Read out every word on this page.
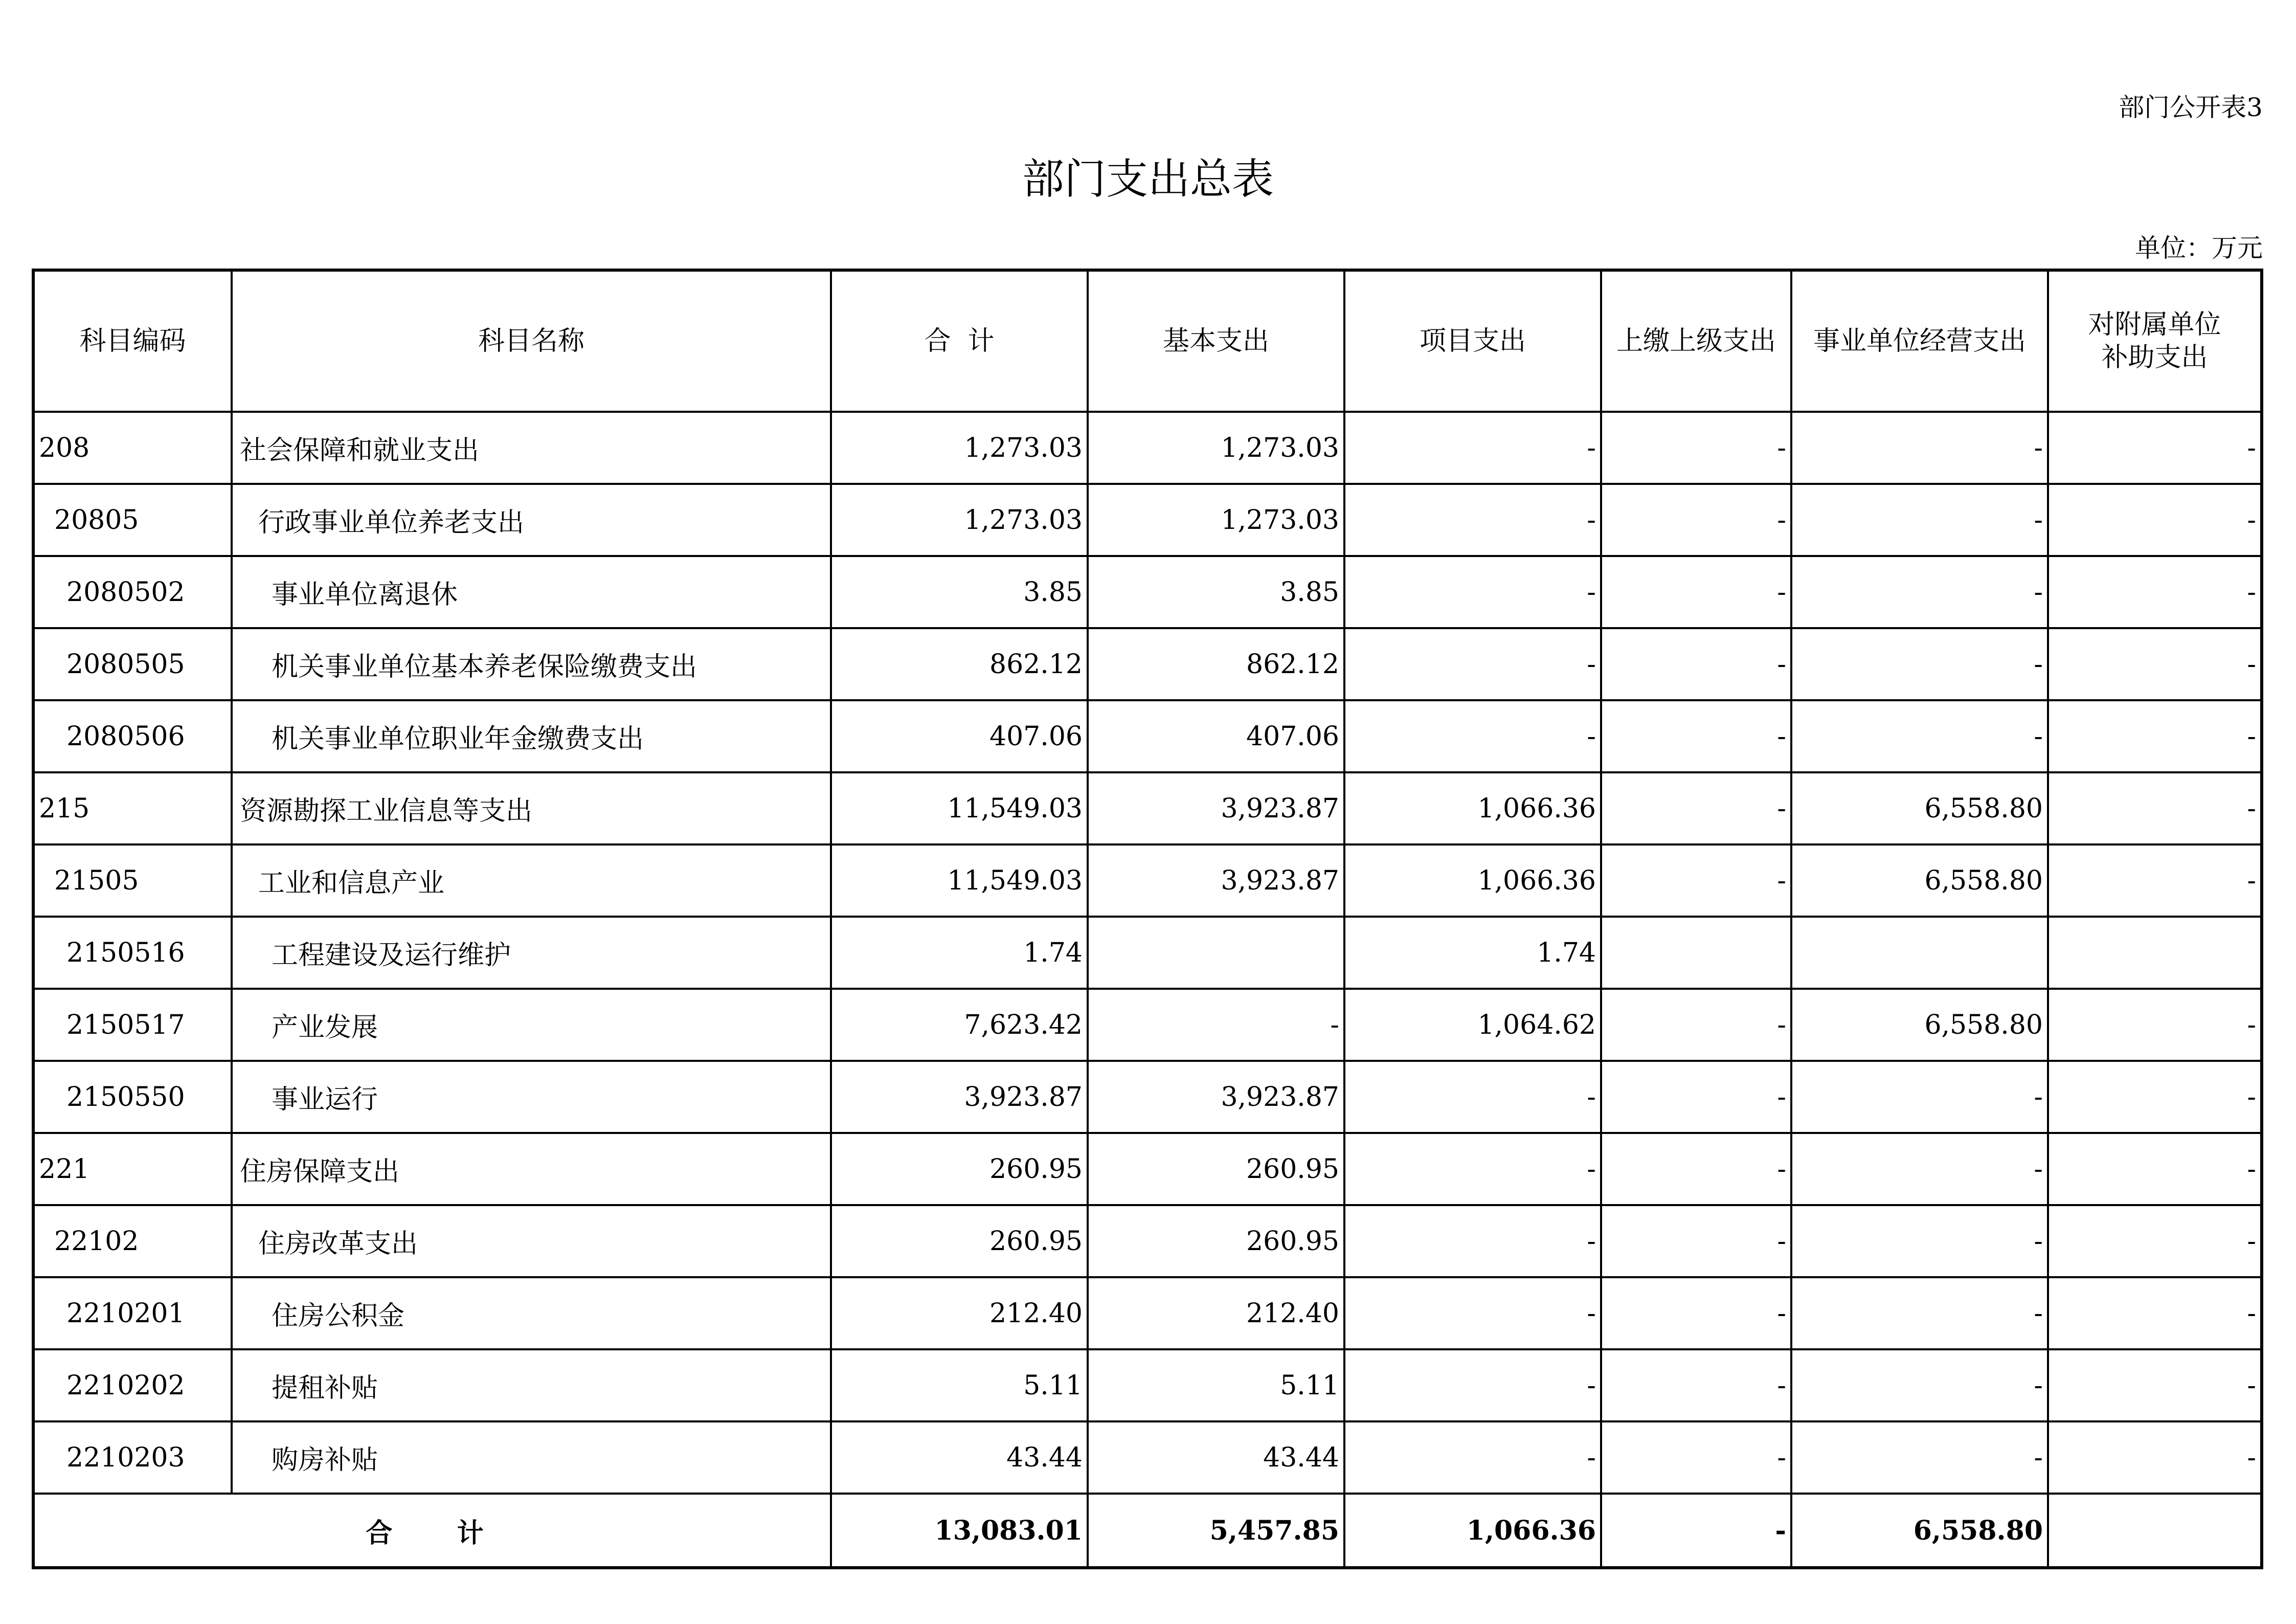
部门公开表3
部门支出总表
单位：万元
科目编码	科目名称	合  计	基本支出	项目支出	上缴上级支出	事业单位经营支出	对附属单位
补助支出

208	社会保障和就业支出	1,273.03	1,273.03	-	-	-	-
20805	行政事业单位养老支出	1,273.03	1,273.03	-	-	-	-
2080502	事业单位离退休	3.85	3.85	-	-	-	-
2080505	机关事业单位基本养老保险缴费支出	862.12	862.12	-	-	-	-
2080506	机关事业单位职业年金缴费支出	407.06	407.06	-	-	-	-
215	资源勘探工业信息等支出	11,549.03	3,923.87	1,066.36	-	6,558.80	-
21505	工业和信息产业	11,549.03	3,923.87	1,066.36	-	6,558.80	-
2150516	工程建设及运行维护	1.74		1.74			
2150517	产业发展	7,623.42	-	1,064.62	-	6,558.80	-
2150550	事业运行	3,923.87	3,923.87	-	-	-	-
221	住房保障支出	260.95	260.95	-	-	-	-
22102	住房改革支出	260.95	260.95	-	-	-	-
2210201	住房公积金	212.40	212.40	-	-	-	-
2210202	提租补贴	5.11	5.11	-	-	-	-
2210203	购房补贴	43.44	43.44	-	-	-	-
合  计		13,083.01	5,457.85	1,066.36	-	6,558.80	
